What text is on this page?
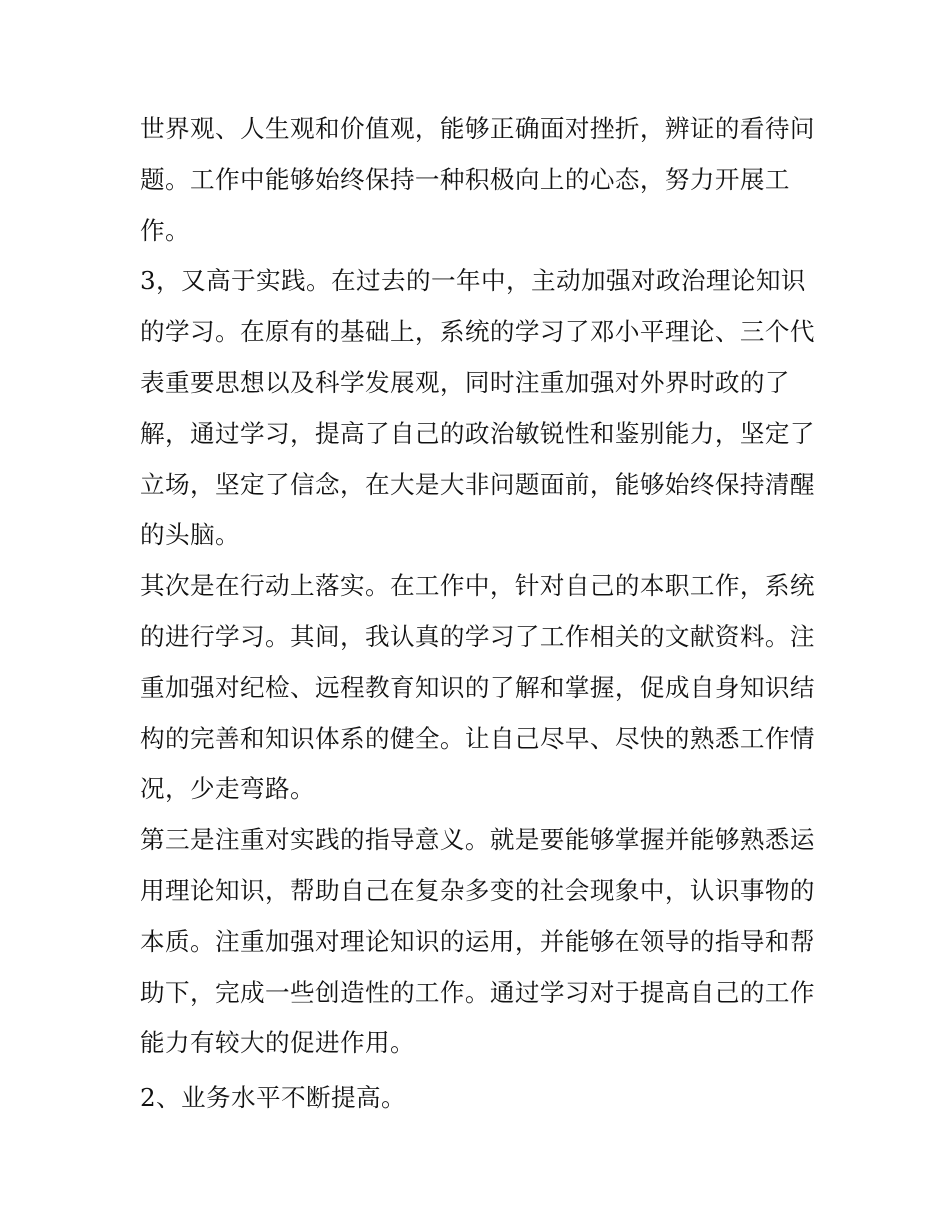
世界观、人生观和价值观，能够正确面对挫折，辨证的看待问
题。工作中能够始终保持一种积极向上的心态，努力开展工
作。
3，又高于实践。在过去的一年中，主动加强对政治理论知识
的学习。在原有的基础上，系统的学习了邓小平理论、三个代
表重要思想以及科学发展观，同时注重加强对外界时政的了
解，通过学习，提高了自己的政治敏锐性和鉴别能力，坚定了
立场，坚定了信念，在大是大非问题面前，能够始终保持清醒
的头脑。
其次是在行动上落实。在工作中，针对自己的本职工作，系统
的进行学习。其间，我认真的学习了工作相关的文献资料。注
重加强对纪检、远程教育知识的了解和掌握，促成自身知识结
构的完善和知识体系的健全。让自己尽早、尽快的熟悉工作情
况，少走弯路。
第三是注重对实践的指导意义。就是要能够掌握并能够熟悉运
用理论知识，帮助自己在复杂多变的社会现象中，认识事物的
本质。注重加强对理论知识的运用，并能够在领导的指导和帮
助下，完成一些创造性的工作。通过学习对于提高自己的工作
能力有较大的促进作用。
2、业务水平不断提高。
